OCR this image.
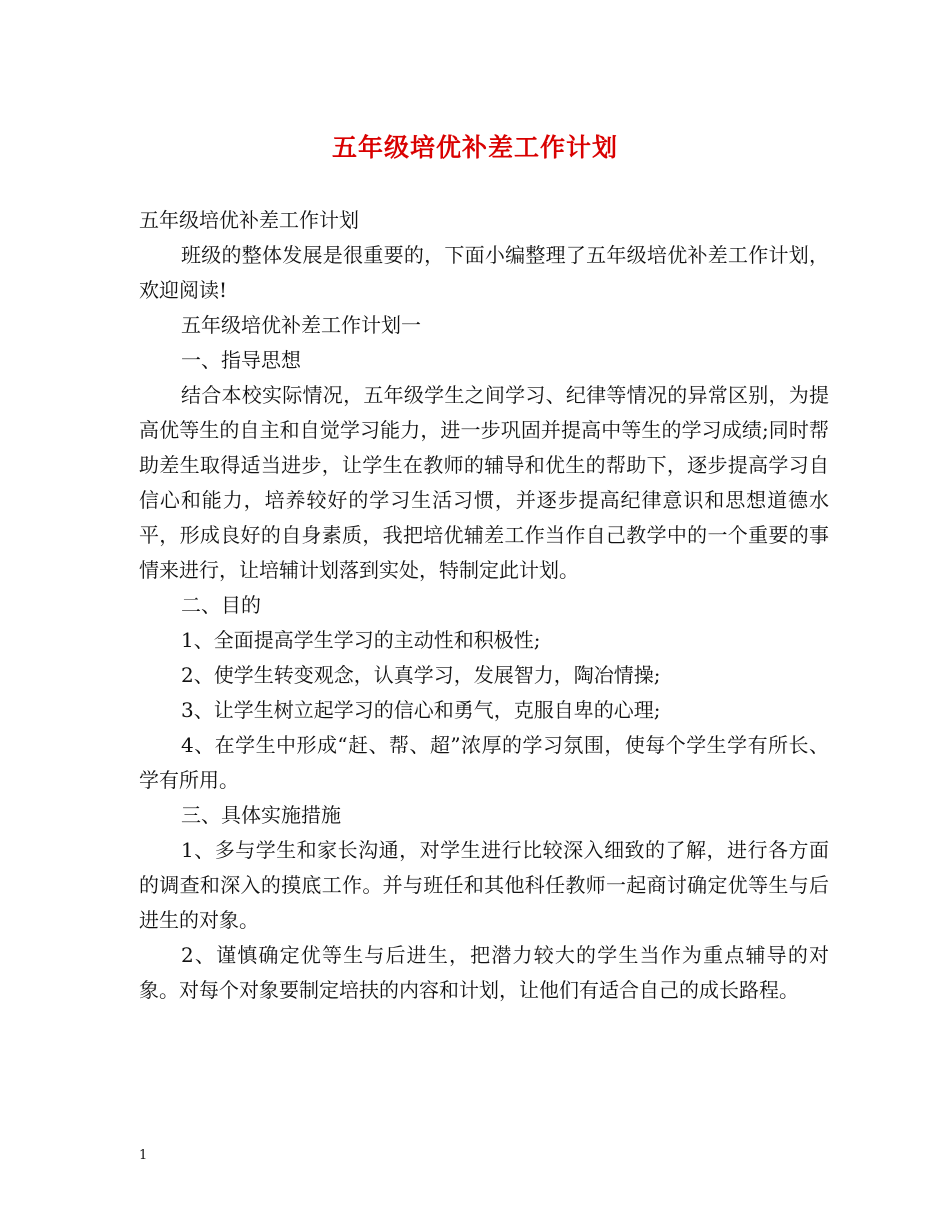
五年级培优补差工作计划

五年级培优补差工作计划

班级的整体发展是很重要的，下面小编整理了五年级培优补差工作计划，欢迎阅读!

五年级培优补差工作计划一

一、指导思想

结合本校实际情况，五年级学生之间学习、纪律等情况的异常区别，为提高优等生的自主和自觉学习能力，进一步巩固并提高中等生的学习成绩;同时帮助差生取得适当进步，让学生在教师的辅导和优生的帮助下，逐步提高学习自信心和能力，培养较好的学习生活习惯，并逐步提高纪律意识和思想道德水平，形成良好的自身素质，我把培优辅差工作当作自己教学中的一个重要的事情来进行，让培辅计划落到实处，特制定此计划。

二、目的

1、全面提高学生学习的主动性和积极性;

2、使学生转变观念，认真学习，发展智力，陶冶情操;

3、让学生树立起学习的信心和勇气，克服自卑的心理;

4、在学生中形成“赶、帮、超”浓厚的学习氛围，使每个学生学有所长、学有所用。

三、具体实施措施

1、多与学生和家长沟通，对学生进行比较深入细致的了解，进行各方面的调查和深入的摸底工作。并与班任和其他科任教师一起商讨确定优等生与后进生的对象。

2、谨慎确定优等生与后进生，把潜力较大的学生当作为重点辅导的对象。对每个对象要制定培扶的内容和计划，让他们有适合自己的成长路程。

1
